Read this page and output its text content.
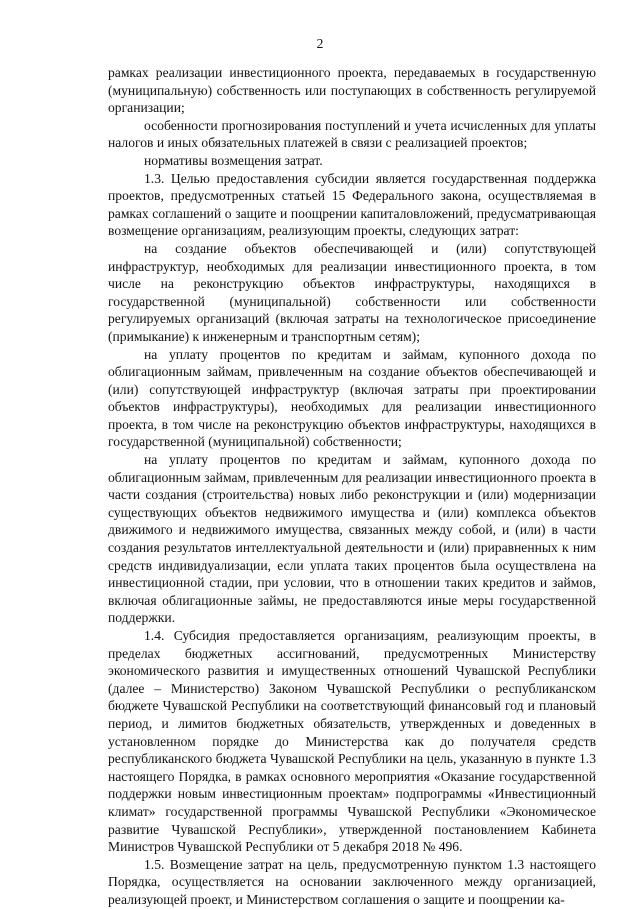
2

рамках реализации инвестиционного проекта, передаваемых в государственную (муниципальную) собственность или поступающих в собственность регулируемой организации;

особенности прогнозирования поступлений и учета исчисленных для уплаты налогов и иных обязательных платежей в связи с реализацией проектов;

нормативы возмещения затрат.

1.3. Целью предоставления субсидии является государственная поддержка проектов, предусмотренных статьей 15 Федерального закона, осуществляемая в рамках соглашений о защите и поощрении капиталовложений, предусматривающая возмещение организациям, реализующим проекты, следующих затрат:

на создание объектов обеспечивающей и (или) сопутствующей инфраструктур, необходимых для реализации инвестиционного проекта, в том числе на реконструкцию объектов инфраструктуры, находящихся в государственной (муниципальной) собственности или собственности регулируемых организаций (включая затраты на технологическое присоединение (примыкание) к инженерным и транспортным сетям);

на уплату процентов по кредитам и займам, купонного дохода по облигационным займам, привлеченным на создание объектов обеспечивающей и (или) сопутствующей инфраструктур (включая затраты при проектировании объектов инфраструктуры), необходимых для реализации инвестиционного проекта, в том числе на реконструкцию объектов инфраструктуры, находящихся в государственной (муниципальной) собственности;

на уплату процентов по кредитам и займам, купонного дохода по облигационным займам, привлеченным для реализации инвестиционного проекта в части создания (строительства) новых либо реконструкции и (или) модернизации существующих объектов недвижимого имущества и (или) комплекса объектов движимого и недвижимого имущества, связанных между собой, и (или) в части создания результатов интеллектуальной деятельности и (или) приравненных к ним средств индивидуализации, если уплата таких процентов была осуществлена на инвестиционной стадии, при условии, что в отношении таких кредитов и займов, включая облигационные займы, не предоставляются иные меры государственной поддержки.

1.4. Субсидия предоставляется организациям, реализующим проекты, в пределах бюджетных ассигнований, предусмотренных Министерству экономического развития и имущественных отношений Чувашской Республики (далее – Министерство) Законом Чувашской Республики о республиканском бюджете Чувашской Республики на соответствующий финансовый год и плановый период, и лимитов бюджетных обязательств, утвержденных и доведенных в установленном порядке до Министерства как до получателя средств республиканского бюджета Чувашской Республики на цель, указанную в пункте 1.3 настоящего Порядка, в рамках основного мероприятия «Оказание государственной поддержки новым инвестиционным проектам» подпрограммы «Инвестиционный климат» государственной программы Чувашской Республики «Экономическое развитие Чувашской Республики», утвержденной постановлением Кабинета Министров Чувашской Республики от 5 декабря 2018 № 496.

1.5. Возмещение затрат на цель, предусмотренную пунктом 1.3 настоящего Порядка, осуществляется на основании заключенного между организацией, реализующей проект, и Министерством соглашения о защите и поощрении ка-
